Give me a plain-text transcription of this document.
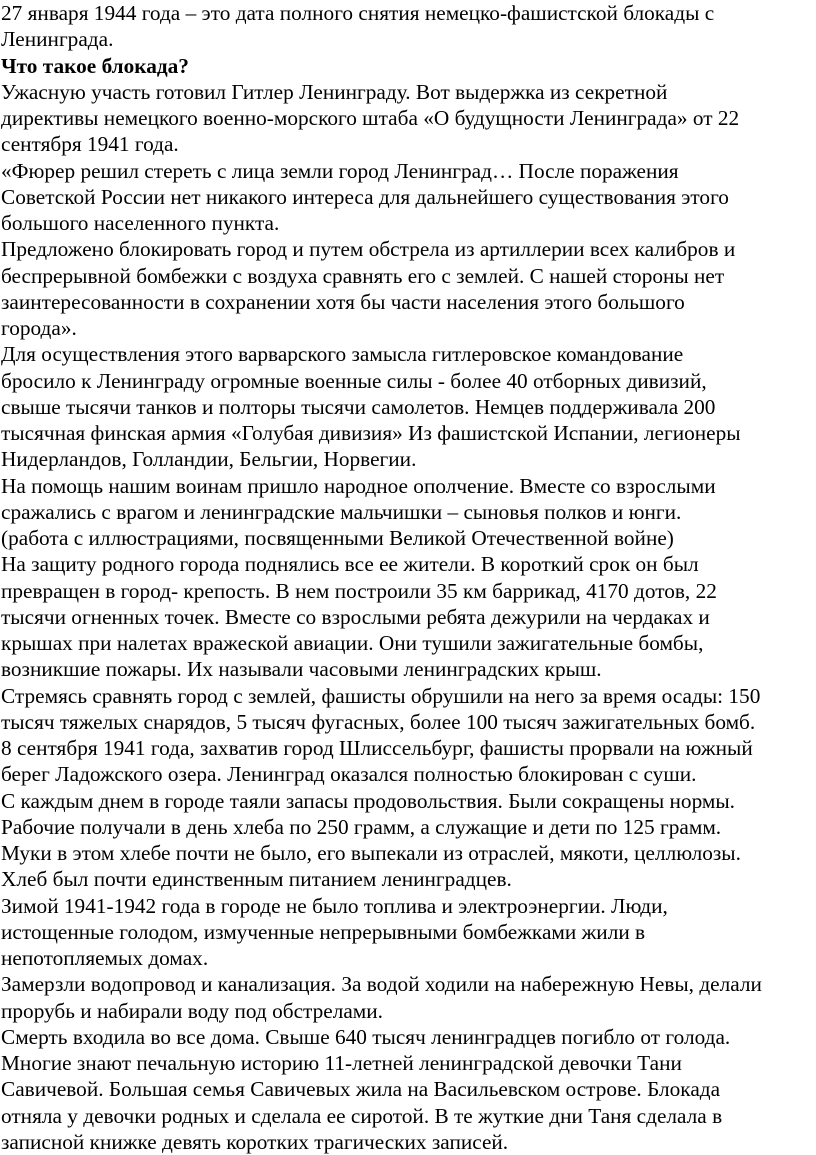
27 января 1944 года – это дата полного снятия немецко-фашистской блокады с
Ленинграда.

Что такое блокада?

Ужасную участь готовил Гитлер Ленинграду. Вот выдержка из секретной
директивы немецкого военно-морского штаба «О будущности Ленинграда» от 22
сентября 1941 года.

«Фюрер решил стереть с лица земли город Ленинград… После поражения
Советской России нет никакого интереса для дальнейшего существования этого
большого населенного пункта.

Предложено блокировать город и путем обстрела из артиллерии всех калибров и
беспрерывной бомбежки с воздуха сравнять его с землей. С нашей стороны нет
заинтересованности в сохранении хотя бы части населения этого большого
города».

Для осуществления этого варварского замысла гитлеровское командование
бросило к Ленинграду огромные военные силы - более 40 отборных дивизий,
свыше тысячи танков и полторы тысячи самолетов. Немцев поддерживала 200
тысячная финская армия «Голубая дивизия» Из фашистской Испании, легионеры
Нидерландов, Голландии, Бельгии, Норвегии.

На помощь нашим воинам пришло народное ополчение. Вместе со взрослыми
сражались с врагом и ленинградские мальчишки – сыновья полков и юнги.

(работа с иллюстрациями, посвященными Великой Отечественной войне)

На защиту родного города поднялись все ее жители. В короткий срок он был
превращен в город- крепость. В нем построили 35 км баррикад, 4170 дотов, 22
тысячи огненных точек. Вместе со взрослыми ребята дежурили на чердаках и
крышах при налетах вражеской авиации. Они тушили зажигательные бомбы,
возникшие пожары. Их называли часовыми ленинградских крыш.

Стремясь сравнять город с землей, фашисты обрушили на него за время осады: 150
тысяч тяжелых снарядов, 5 тысяч фугасных, более 100 тысяч зажигательных бомб.

8 сентября 1941 года, захватив город Шлиссельбург, фашисты прорвали на южный
берег Ладожского озера. Ленинград оказался полностью блокирован с суши.

С каждым днем в городе таяли запасы продовольствия. Были сокращены нормы.
Рабочие получали в день хлеба по 250 грамм, а служащие и дети по 125 грамм.
Муки в этом хлебе почти не было, его выпекали из отраслей, мякоти, целлюлозы.
Хлеб был почти единственным питанием ленинградцев.

Зимой 1941-1942 года в городе не было топлива и электроэнергии. Люди,
истощенные голодом, измученные непрерывными бомбежками жили в
непотопляемых домах.

Замерзли водопровод и канализация. За водой ходили на набережную Невы, делали
прорубь и набирали воду под обстрелами.

Смерть входила во все дома. Свыше 640 тысяч ленинградцев погибло от голода.
Многие знают печальную историю 11-летней ленинградской девочки Тани
Савичевой. Большая семья Савичевых жила на Васильевском острове. Блокада
отняла у девочки родных и сделала ее сиротой. В те жуткие дни Таня сделала в
записной книжке девять коротких трагических записей.
